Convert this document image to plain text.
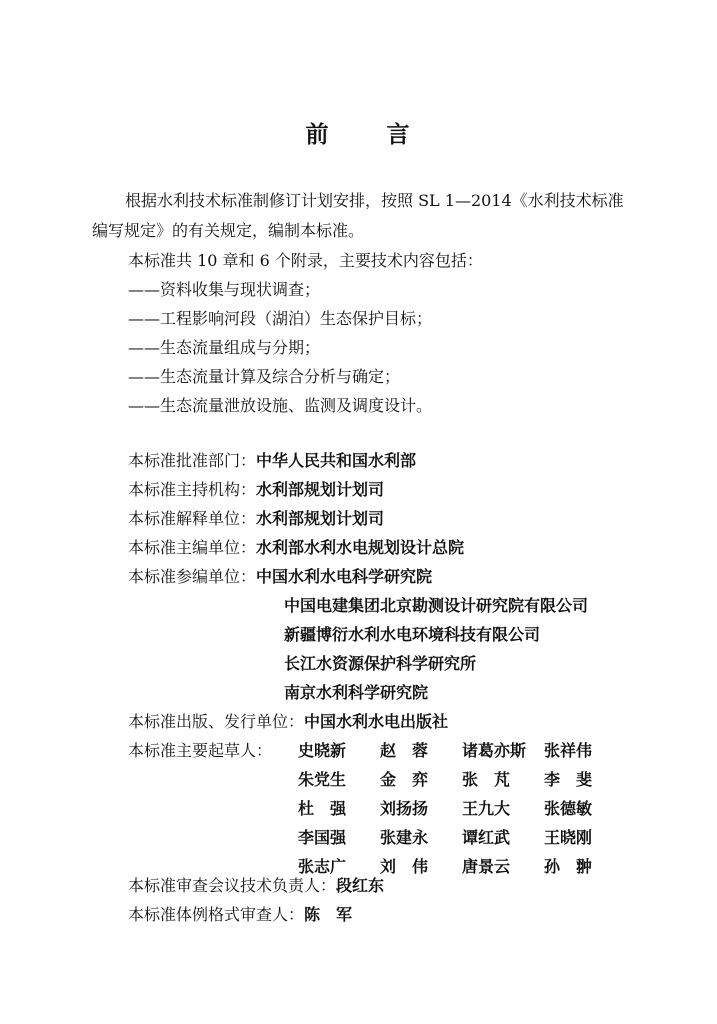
前 言
根据水利技术标准制修订计划安排，按照 SL 1—2014《水利技术标准编写规定》的有关规定，编制本标准。
本标准共 10 章和 6 个附录，主要技术内容包括：
——资料收集与现状调查；
——工程影响河段（湖泊）生态保护目标；
——生态流量组成与分期；
——生态流量计算及综合分析与确定；
——生态流量泄放设施、监测及调度设计。
本标准批准部门： 中华人民共和国水利部
本标准主持机构： 水利部规划计划司
本标准解释单位： 水利部规划计划司
本标准主编单位： 水利部水利水电规划设计总院
本标准参编单位： 中国水利水电科学研究院
中国电建集团北京勘测设计研究院有限公司
新疆博衍水利水电环境科技有限公司
长江水资源保护科学研究所
南京水利科学研究院
本标准出版、发行单位： 中国水利水电出版社
本标准主要起草人： 史晓新	赵　蓉	诸葛亦斯	张祥伟
朱党生	金　弈	张　芃	李　斐
杜　强	刘扬扬	王九大	张德敏
李国强	张建永	谭红武	王晓刚
张志广	刘　伟	唐景云	孙　翀
本标准审查会议技术负责人： 段红东
本标准体例格式审查人： 陈　军
